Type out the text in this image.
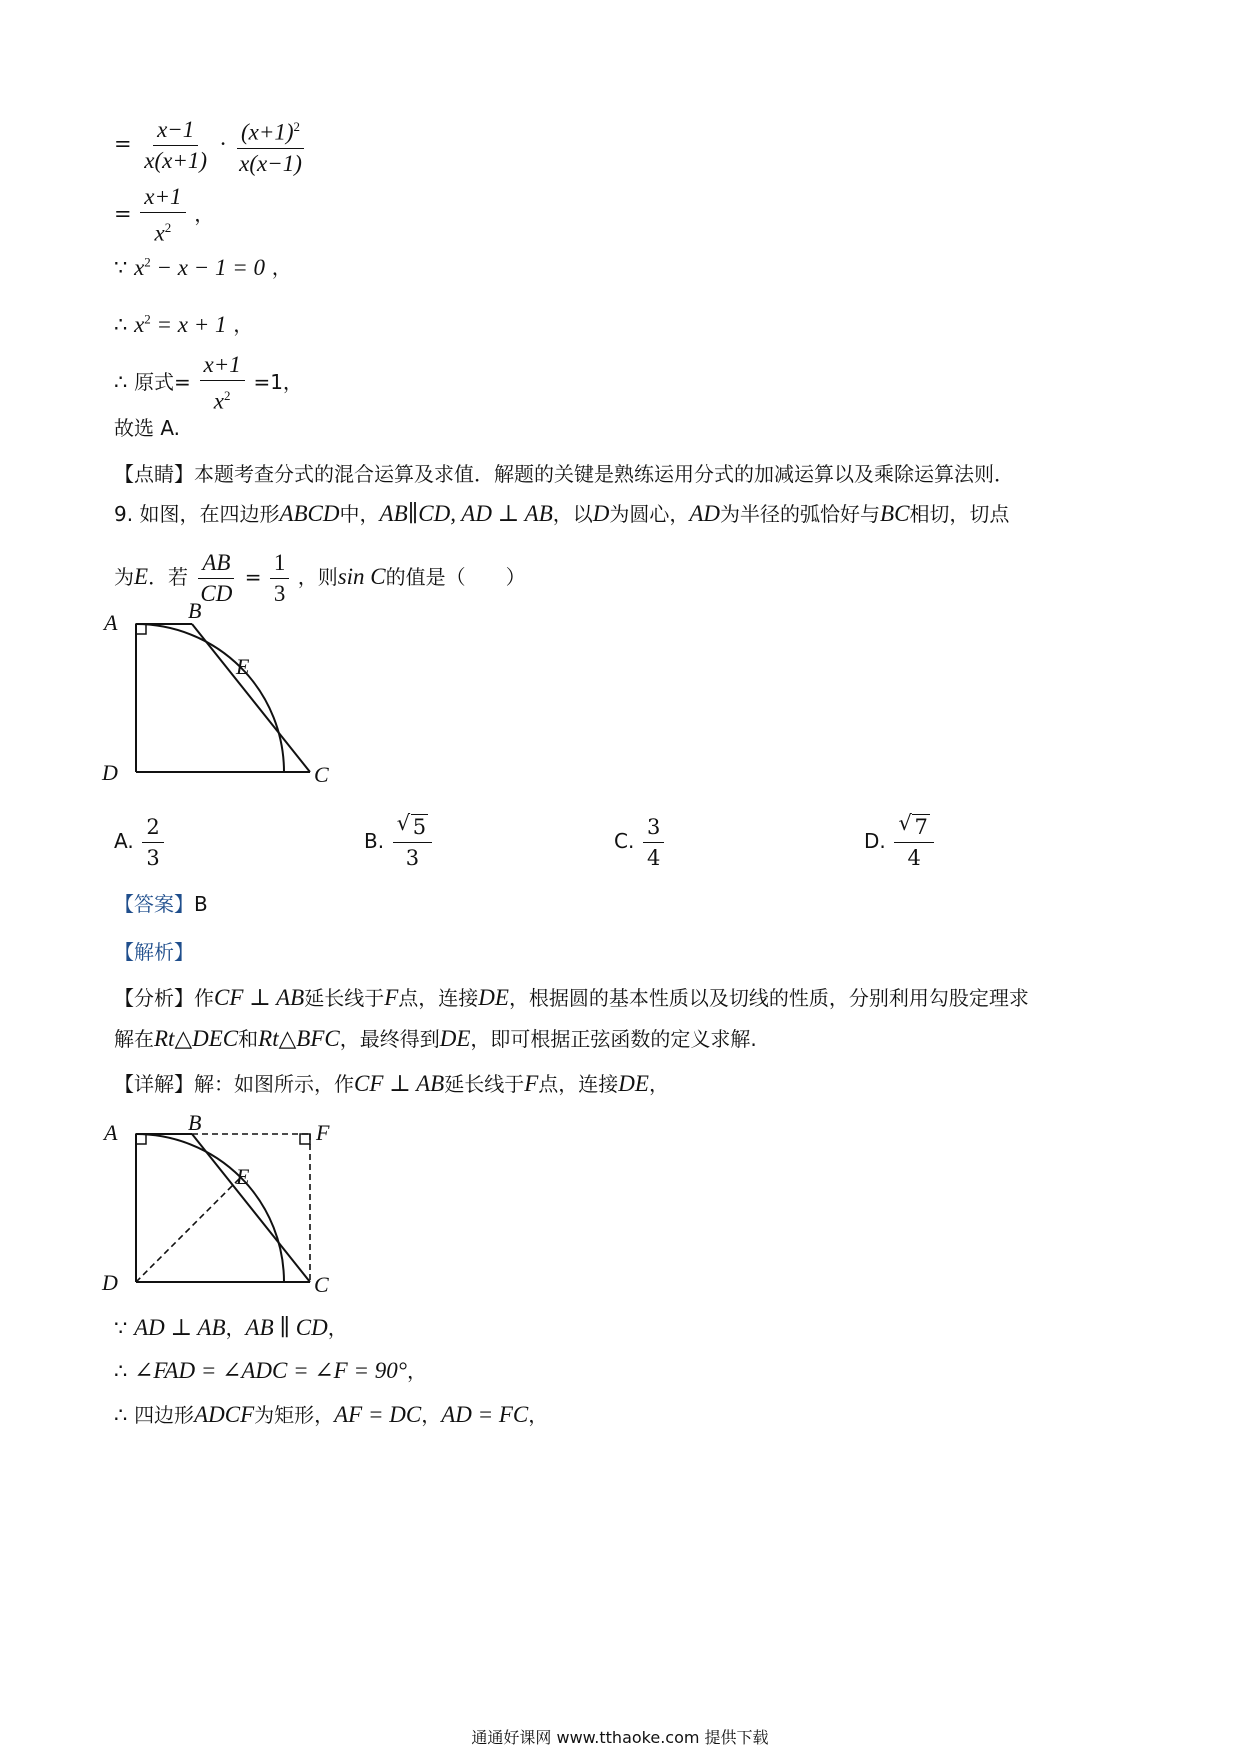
= $\frac{x-1}{x(x+1)} \cdot \frac{(x+1)^2}{x(x-1)}$
= $\frac{x+1}{x^2}$ ，
∵ $x^2 - x - 1 = 0$ ，
∴ $x^2 = x + 1$ ，
∴ 原式= $\frac{x+1}{x^2} =1$，
故选 A.
【点睛】本题考查分式的混合运算及求值．解题的关键是熟练运用分式的加减运算以及乘除运算法则．
9. 如图，在四边形ABCD中，AB∥CD, AD ⊥ AB，以D为圆心，AD为半径的弧恰好与BC相切，切点
为E．若 $\frac{AB}{CD} = \frac{1}{3}$ ，则sin C的值是（　　）
A	B
E
D	C
A. $\frac{2}{3}$	B. $\frac{√ 5}{3}$	C. $\frac{3}{4}$	D. $\frac{√ 7}{4}$
【答案】B
【解析】
【分析】作CF ⊥ AB延长线于F点，连接DE，根据圆的基本性质以及切线的性质，分别利用勾股定理求
解在Rt△DEC和Rt△BFC，最终得到DE，即可根据正弦函数的定义求解.
【详解】解：如图所示，作CF ⊥ AB延长线于F点，连接DE，
A	B	F
E
D	C
∵ AD ⊥ AB，AB ∥ CD，
∴ ∠FAD = ∠ADC = ∠F = 90°，
∴ 四边形ADCF为矩形，AF = DC，AD = FC，
通通好课网 www.tthaoke.com 提供下载
